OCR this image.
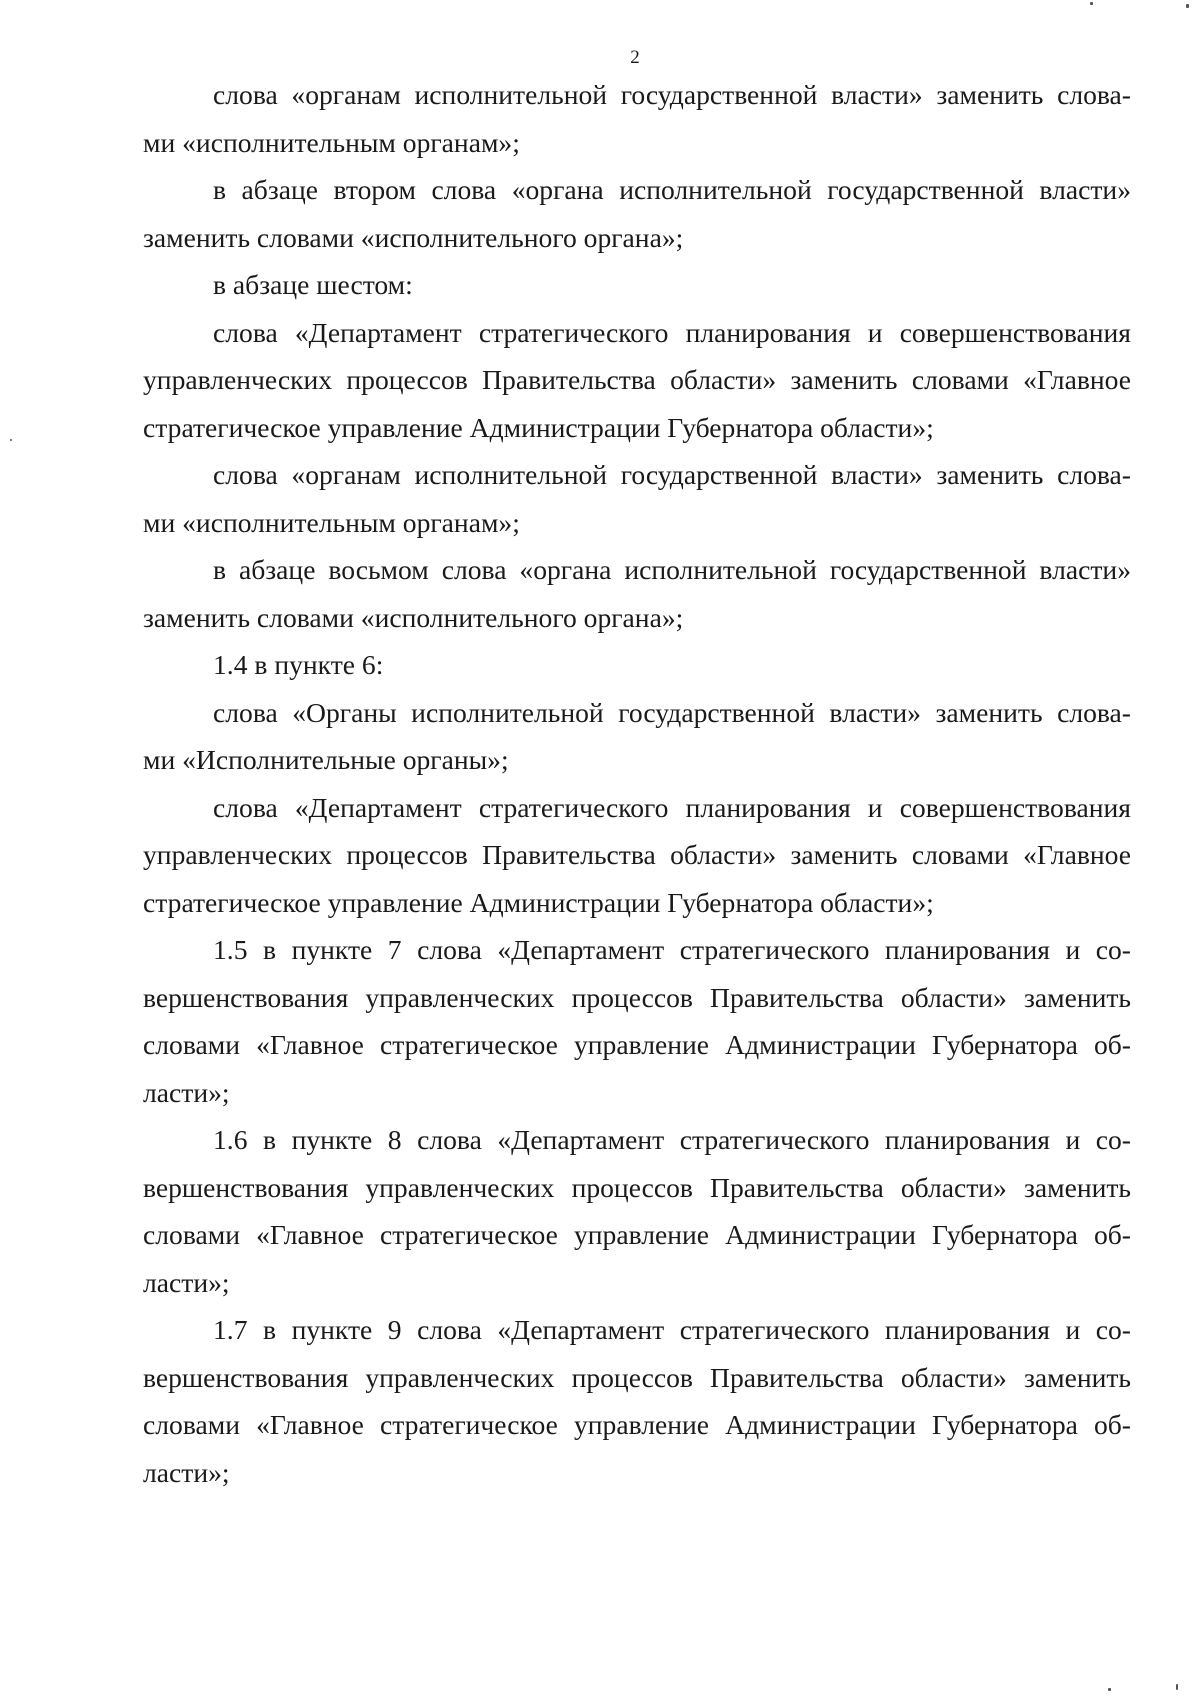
2

слова «органам исполнительной государственной власти» заменить слова-
ми «исполнительным органам»;

в абзаце втором слова «органа исполнительной государственной власти»
заменить словами «исполнительного органа»;

в абзаце шестом:

слова «Департамент стратегического планирования и совершенствования
управленческих процессов Правительства области» заменить словами «Главное
стратегическое управление Администрации Губернатора области»;

слова «органам исполнительной государственной власти» заменить слова-
ми «исполнительным органам»;

в абзаце восьмом слова «органа исполнительной государственной власти»
заменить словами «исполнительного органа»;

1.4 в пункте 6:

слова «Органы исполнительной государственной власти» заменить слова-
ми «Исполнительные органы»;

слова «Департамент стратегического планирования и совершенствования
управленческих процессов Правительства области» заменить словами «Главное
стратегическое управление Администрации Губернатора области»;

1.5 в пункте 7 слова «Департамент стратегического планирования и со-
вершенствования управленческих процессов Правительства области» заменить
словами «Главное стратегическое управление Администрации Губернатора об-
ласти»;

1.6 в пункте 8 слова «Департамент стратегического планирования и со-
вершенствования управленческих процессов Правительства области» заменить
словами «Главное стратегическое управление Администрации Губернатора об-
ласти»;

1.7 в пункте 9 слова «Департамент стратегического планирования и со-
вершенствования управленческих процессов Правительства области» заменить
словами «Главное стратегическое управление Администрации Губернатора об-
ласти»;
